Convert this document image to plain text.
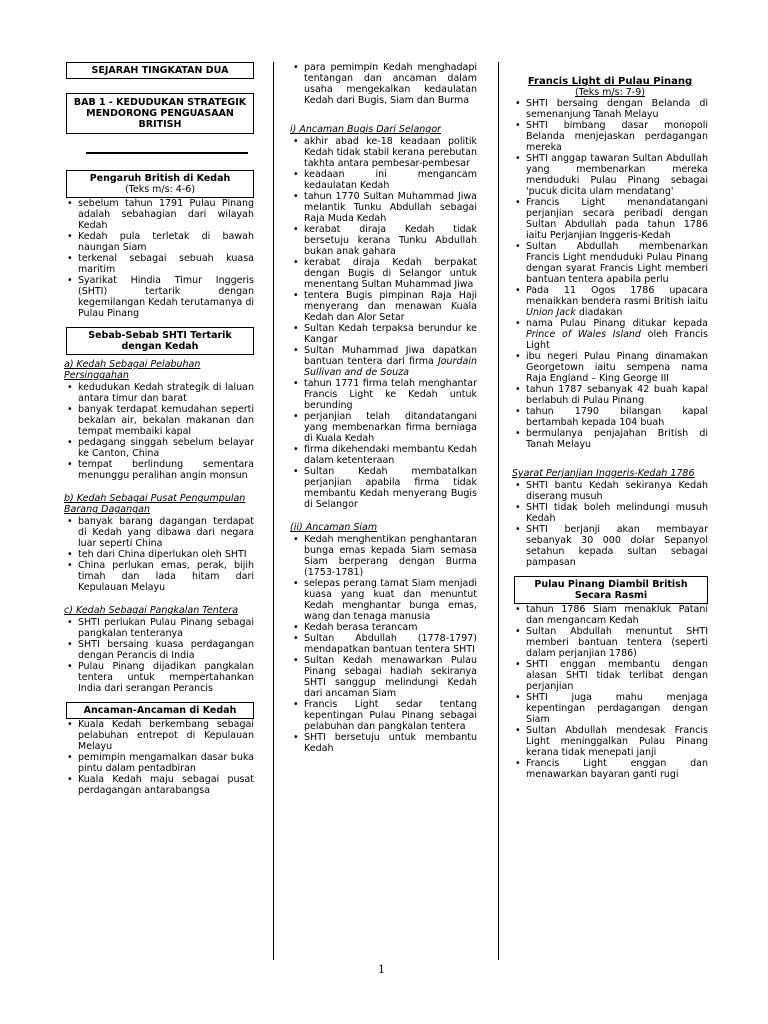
SEJARAH TINGKATAN DUA
BAB 1 - KEDUDUKAN STRATEGIK MENDORONG PENGUASAAN BRITISH
Pengaruh British di Kedah
(Teks m/s: 4-6)
• sebelum tahun 1791 Pulau Pinang adalah sebahagian dari wilayah Kedah
• Kedah pula terletak di bawah naungan Siam
• terkenal sebagai sebuah kuasa maritim
• Syarikat Hindia Timur Inggeris (SHTI) tertarik dengan kegemilangan Kedah terutamanya di Pulau Pinang
Sebab-Sebab SHTI Tertarik dengan Kedah
a) Kedah Sebagai Pelabuhan Persinggahan
• kedudukan Kedah strategik di laluan antara timur dan barat
• banyak terdapat kemudahan seperti bekalan air, bekalan makanan dan tempat membaiki kapal
• pedagang singgah sebelum belayar ke Canton, China
• tempat berlindung sementara menunggu peralihan angin monsun
b) Kedah Sebagai Pusat Pengumpulan Barang Dagangan
• banyak barang dagangan terdapat di Kedah yang dibawa dari negara luar seperti China
• teh dari China diperlukan oleh SHTI
• China perlukan emas, perak, bijih timah dan lada hitam dari Kepulauan Melayu
c) Kedah Sebagai Pangkalan Tentera
• SHTI perlukan Pulau Pinang sebagai pangkalan tenteranya
• SHTI bersaing kuasa perdagangan dengan Perancis di India
• Pulau Pinang dijadikan pangkalan tentera untuk mempertahankan India dari serangan Perancis
Ancaman-Ancaman di Kedah
• Kuala Kedah berkembang sebagai pelabuhan entrepot di Kepulauan Melayu
• pemimpin mengamalkan dasar buka pintu dalam pentadbiran
• Kuala Kedah maju sebagai pusat perdagangan antarabangsa
• para pemimpin Kedah menghadapi tentangan dan ancaman dalam usaha mengekalkan kedaulatan Kedah dari Bugis, Siam dan Burma
i) Ancaman Bugis Dari Selangor
• akhir abad ke-18 keadaan politik Kedah tidak stabil kerana perebutan takhta antara pembesar-pembesar
• keadaan ini mengancam kedaulatan Kedah
• tahun 1770 Sultan Muhammad Jiwa melantik Tunku Abdullah sebagai Raja Muda Kedah
• kerabat diraja Kedah tidak bersetuju kerana Tunku Abdullah bukan anak gahara
• kerabat diraja Kedah berpakat dengan Bugis di Selangor untuk menentang Sultan Muhammad Jiwa
• tentera Bugis pimpinan Raja Haji menyerang dan menawan Kuala Kedah dan Alor Setar
• Sultan Kedah terpaksa berundur ke Kangar
• Sultan Muhammad Jiwa dapatkan bantuan tentera dari firma Jourdain Sullivan and de Souza
• tahun 1771 firma telah menghantar Francis Light ke Kedah untuk berunding
• perjanjian telah ditandatangani yang membenarkan firma berniaga di Kuala Kedah
• firma dikehendaki membantu Kedah dalam ketenteraan
• Sultan Kedah membatalkan perjanjian apabila firma tidak membantu Kedah menyerang Bugis di Selangor
(ii) Ancaman Siam
• Kedah menghentikan penghantaran bunga emas kepada Siam semasa Siam berperang dengan Burma (1753-1781)
• selepas perang tamat Siam menjadi kuasa yang kuat dan menuntut Kedah menghantar bunga emas, wang dan tenaga manusia
• Kedah berasa terancam
• Sultan Abdullah (1778-1797) mendapatkan bantuan tentera SHTI
• Sultan Kedah menawarkan Pulau Pinang sebagai hadiah sekiranya SHTI sanggup melindungi Kedah dari ancaman Siam
• Francis Light sedar tentang kepentingan Pulau Pinang sebagai pelabuhan dan pangkalan tentera
• SHTI bersetuju untuk membantu Kedah
Francis Light di Pulau Pinang
(Teks m/s: 7-9)
• SHTI bersaing dengan Belanda di semenanjung Tanah Melayu
• SHTI bimbang dasar monopoli Belanda menjejaskan perdagangan mereka
• SHTI anggap tawaran Sultan Abdullah yang membenarkan mereka menduduki Pulau Pinang sebagai 'pucuk dicita ulam mendatang'
• Francis Light menandatangani perjanjian secara peribadi dengan Sultan Abdullah pada tahun 1786 iaitu Perjanjian Inggeris-Kedah
• Sultan Abdullah membenarkan Francis Light menduduki Pulau Pinang dengan syarat Francis Light memberi bantuan tentera apabila perlu
• Pada 11 Ogos 1786 upacara menaikkan bendera rasmi British iaitu Union Jack diadakan
• nama Pulau Pinang ditukar kepada Prince of Wales Island oleh Francis Light
• ibu negeri Pulau Pinang dinamakan Georgetown iaitu sempena nama Raja England – King George III
• tahun 1787 sebanyak 42 buah kapal berlabuh di Pulau Pinang
• tahun 1790 bilangan kapal bertambah kepada 104 buah
• bermulanya penjajahan British di Tanah Melayu
Syarat Perjanjian Inggeris-Kedah 1786
• SHTI bantu Kedah sekiranya Kedah diserang musuh
• SHTI tidak boleh melindungi musuh Kedah
• SHTI berjanji akan membayar sebanyak 30 000 dolar Sepanyol setahun kepada sultan sebagai pampasan
Pulau Pinang Diambil British Secara Rasmi
• tahun 1786 Siam menakluk Patani dan mengancam Kedah
• Sultan Abdullah menuntut SHTI memberi bantuan tentera (seperti dalam perjanjian 1786)
• SHTI enggan membantu dengan alasan SHTI tidak terlibat dengan perjanjian
• SHTI juga mahu menjaga kepentingan perdagangan dengan Siam
• Sultan Abdullah mendesak Francis Light meninggalkan Pulau Pinang kerana tidak menepati janji
• Francis Light enggan dan menawarkan bayaran ganti rugi
1
